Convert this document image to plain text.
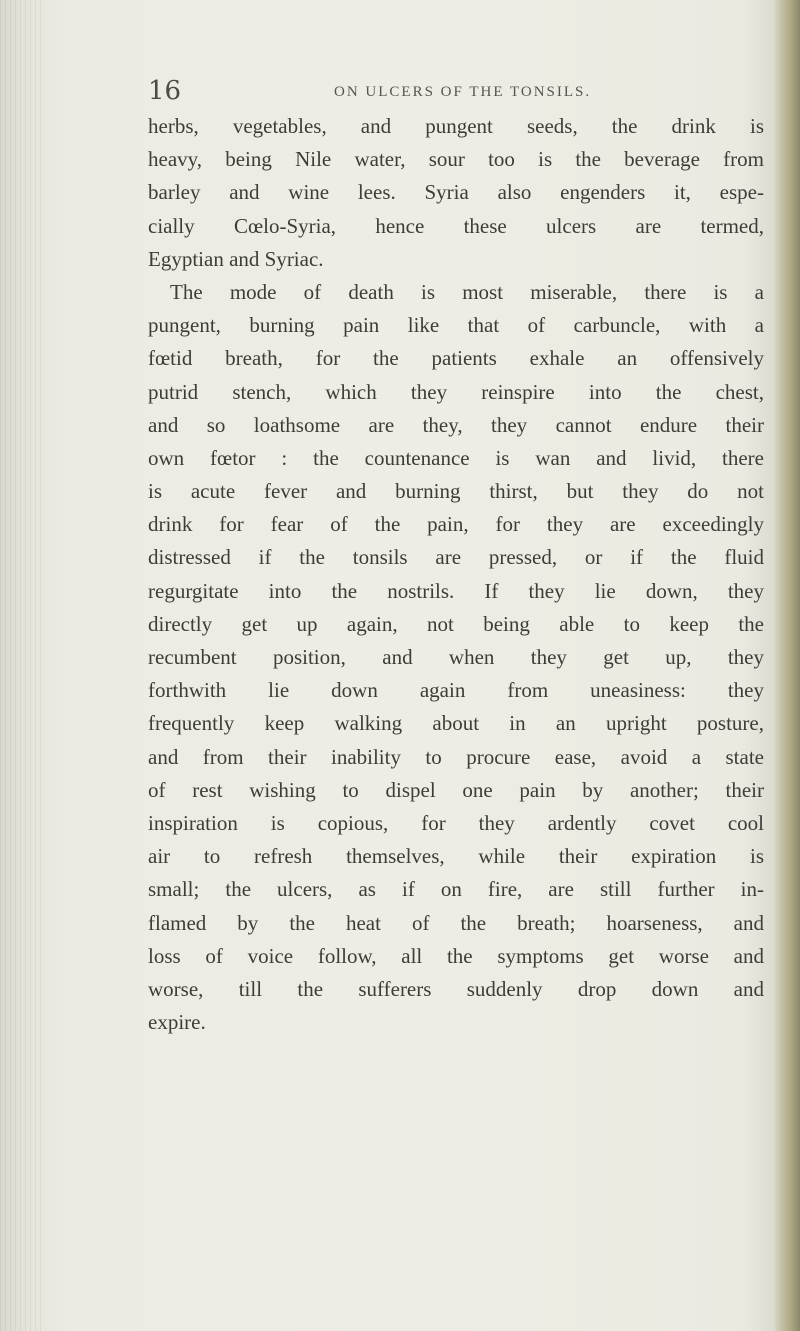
16	ON ULCERS OF THE TONSILS.
herbs, vegetables, and pungent seeds, the drink is
heavy, being Nile water, sour too is the beverage from
barley and wine lees. Syria also engenders it, espe-
cially Cœlo-Syria, hence these ulcers are termed,
Egyptian and Syriac.
The mode of death is most miserable, there is a
pungent, burning pain like that of carbuncle, with a
fœtid breath, for the patients exhale an offensively
putrid stench, which they reinspire into the chest,
and so loathsome are they, they cannot endure their
own fœtor : the countenance is wan and livid, there
is acute fever and burning thirst, but they do not
drink for fear of the pain, for they are exceedingly
distressed if the tonsils are pressed, or if the fluid
regurgitate into the nostrils. If they lie down, they
directly get up again, not being able to keep the
recumbent position, and when they get up, they
forthwith lie down again from uneasiness: they
frequently keep walking about in an upright posture,
and from their inability to procure ease, avoid a state
of rest wishing to dispel one pain by another; their
inspiration is copious, for they ardently covet cool
air to refresh themselves, while their expiration is
small; the ulcers, as if on fire, are still further in-
flamed by the heat of the breath; hoarseness, and
loss of voice follow, all the symptoms get worse and
worse, till the sufferers suddenly drop down and
expire.
